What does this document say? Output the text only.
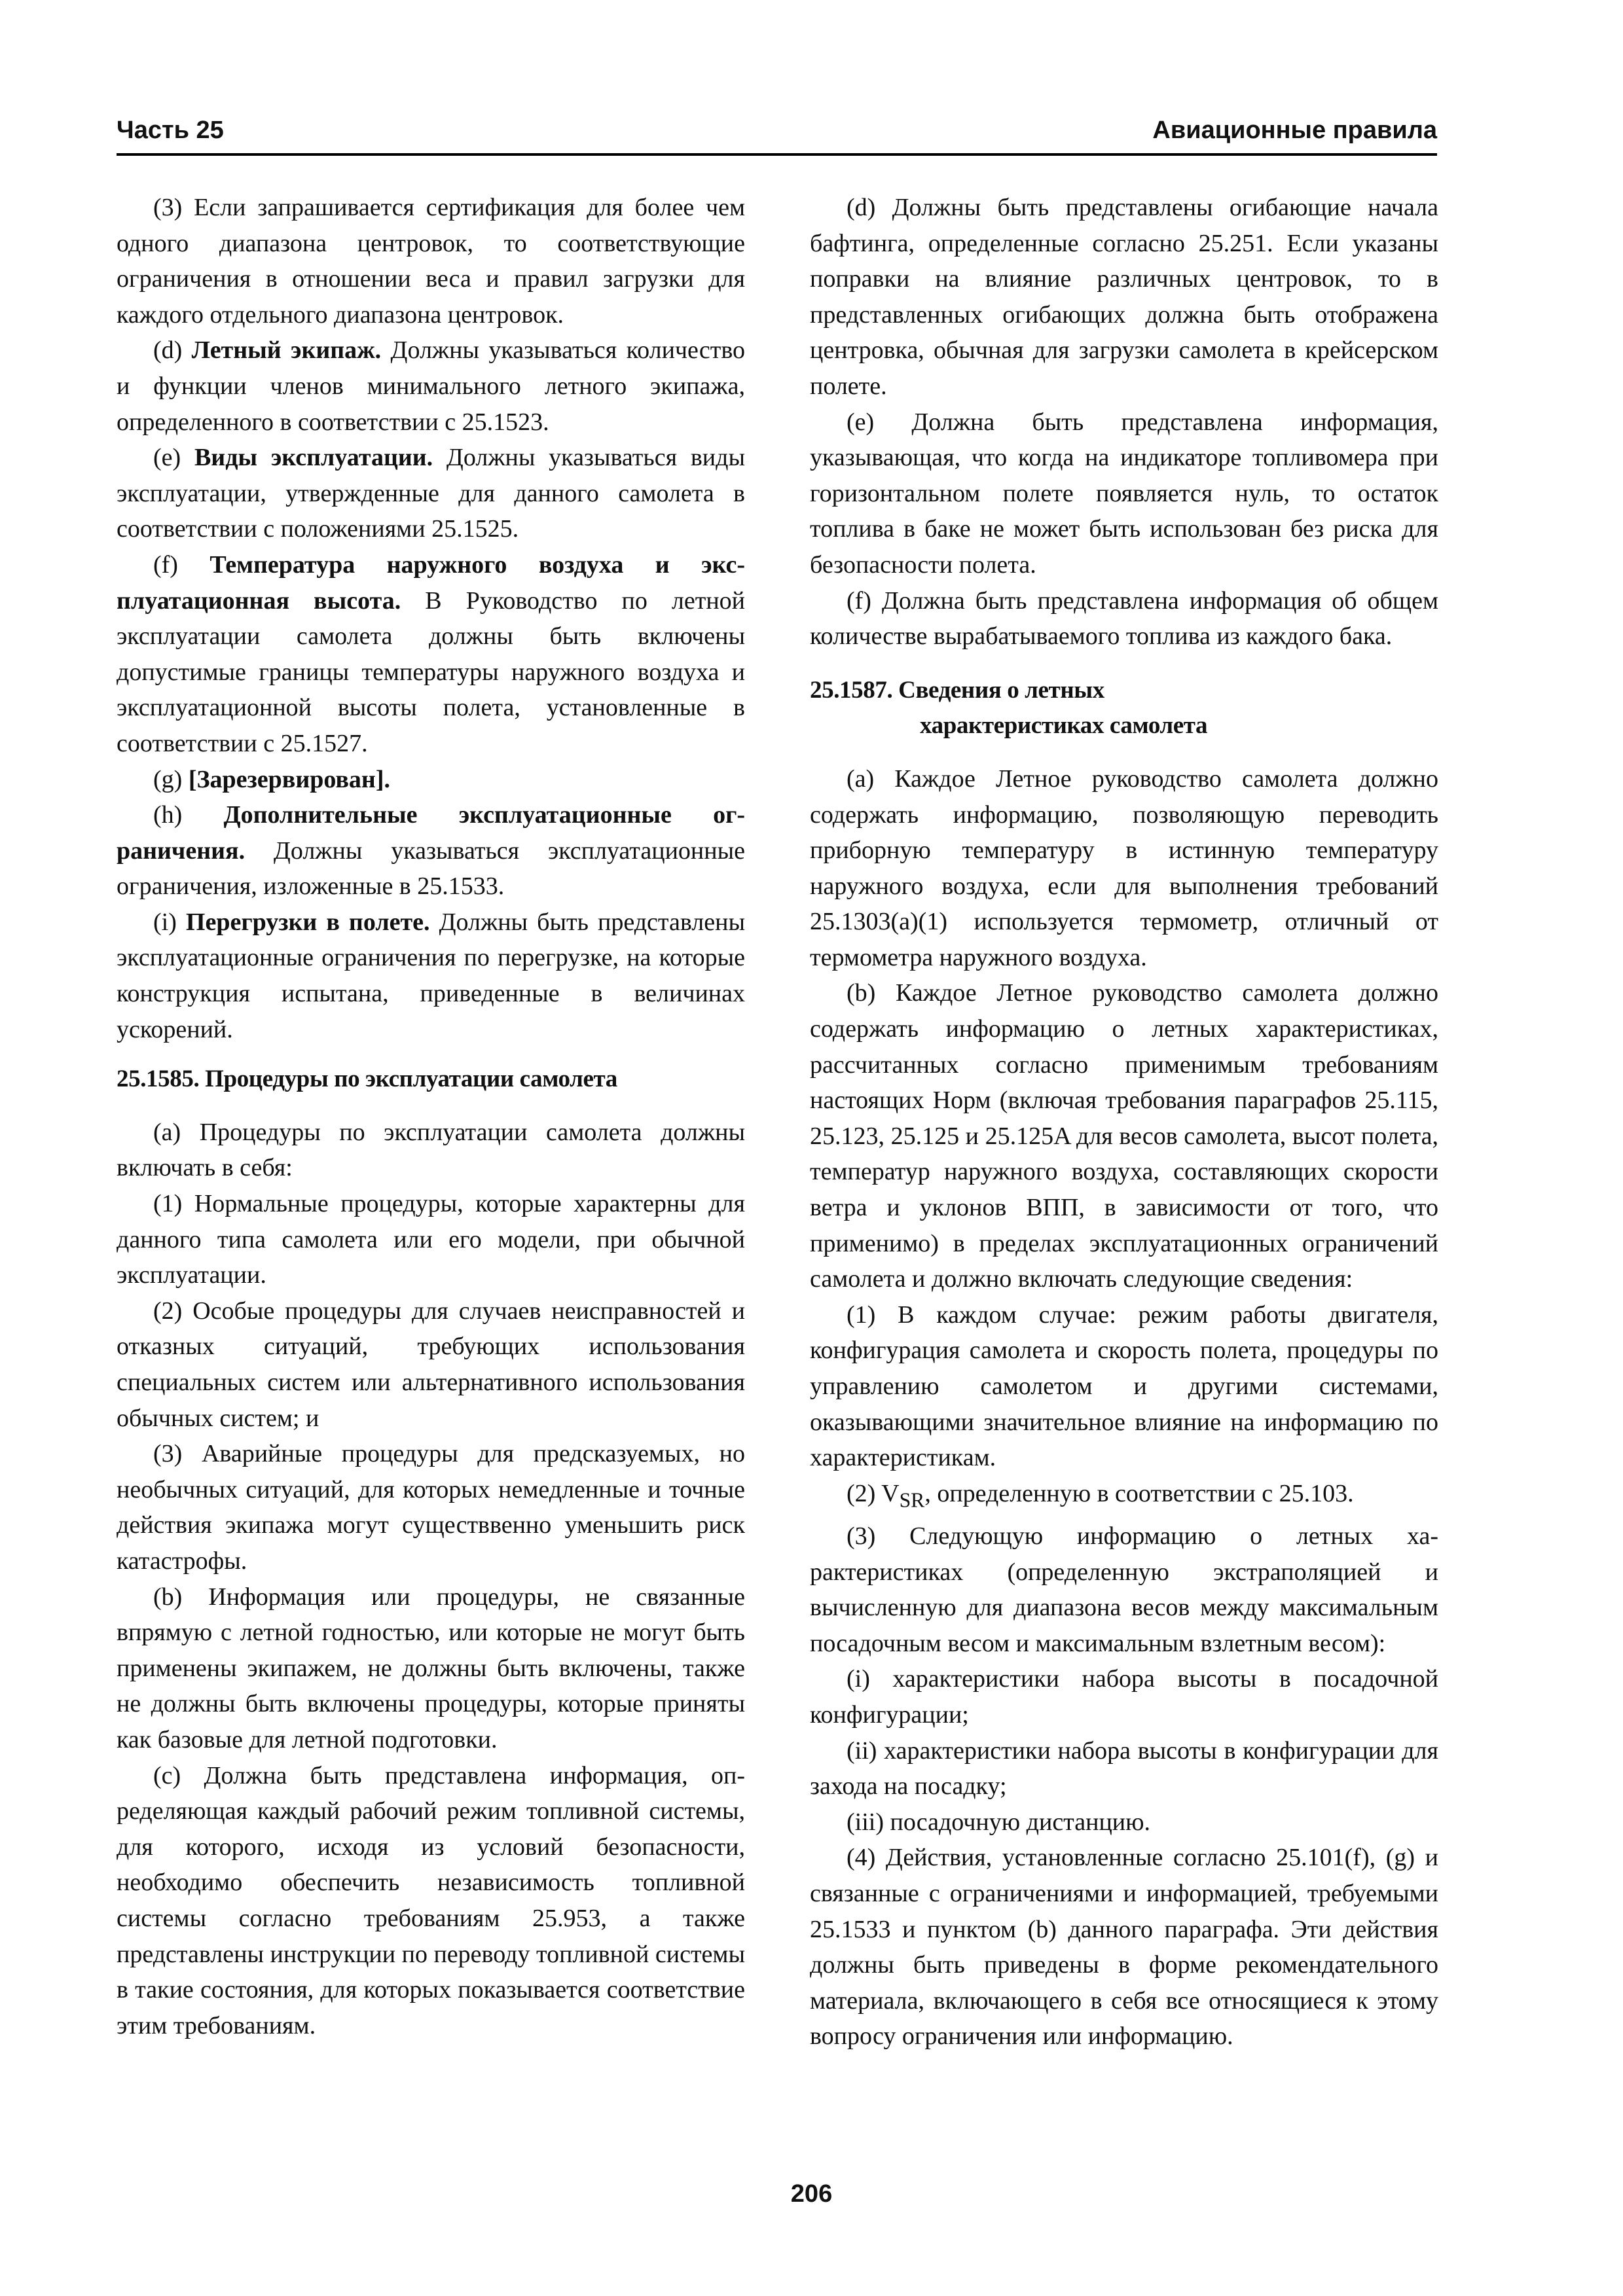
Часть 25	Авиационные правила

(3) Если запрашивается сертификация для более чем одного диапазона центровок, то соответствующие ограничения в отношении веса и правил загрузки для каждого отдельного диапазона центровок.

(d) Летный экипаж. Должны указываться количество и функции членов минимального летного экипажа, определенного в соответствии с 25.1523.

(e) Виды эксплуатации. Должны указываться виды эксплуатации, утвержденные для данного самолета в соответствии с положениями 25.1525.

(f) Температура наружного воздуха и эксплуатационная высота. В Руководство по летной эксплуатации самолета должны быть включены допустимые границы температуры наружного воздуха и эксплуатационной высоты полета, установленные в соответствии с 25.1527.

(g) [Зарезервирован].

(h) Дополнительные эксплуатационные ограничения. Должны указываться эксплуатационные ограничения, изложенные в 25.1533.

(i) Перегрузки в полете. Должны быть представлены эксплуатационные ограничения по перегрузке, на которые конструкция испытана, приведенные в величинах ускорений.

25.1585. Процедуры по эксплуатации самолета

(a) Процедуры по эксплуатации самолета должны включать в себя:

(1) Нормальные процедуры, которые характерны для данного типа самолета или его модели, при обычной эксплуатации.

(2) Особые процедуры для случаев неисправностей и отказных ситуаций, требующих использования специальных систем или альтернативного использования обычных систем; и

(3) Аварийные процедуры для предсказуемых, но необычных ситуаций, для которых немедленные и точные действия экипажа могут существвенно уменьшить риск катастрофы.

(b) Информация или процедуры, не связанные впрямую с летной годностью, или которые не могут быть применены экипажем, не должны быть включены, также не должны быть включены процедуры, которые приняты как базовые для летной подготовки.

(c) Должна быть представлена информация, определяющая каждый рабочий режим топливной системы, для которого, исходя из условий безопасности, необходимо обеспечить независимость топливной системы согласно требованиям 25.953, а также представлены инструкции по переводу топливной системы в такие состояния, для которых показывается соответствие этим требованиям.

(d) Должны быть представлены огибающие начала бафтинга, определенные согласно 25.251. Если указаны поправки на влияние различных центровок, то в представленных огибающих должна быть отображена центровка, обычная для загрузки самолета в крейсерском полете.

(e) Должна быть представлена информация, указывающая, что когда на индикаторе топливомера при горизонтальном полете появляется нуль, то остаток топлива в баке не может быть использован без риска для безопасности полета.

(f) Должна быть представлена информация об общем количестве вырабатываемого топлива из каждого бака.

25.1587. Сведения о летных
характеристиках самолета

(a) Каждое Летное руководство самолета должно содержать информацию, позволяющую переводить приборную температуру в истинную температуру наружного воздуха, если для выполнения требований 25.1303(a)(1) используется термометр, отличный от термометра наружного воздуха.

(b) Каждое Летное руководство самолета должно содержать информацию о летных характеристиках, рассчитанных согласно применимым требованиям настоящих Норм (включая требования параграфов 25.115, 25.123, 25.125 и 25.125A для весов самолета, высот полета, температур наружного воздуха, составляющих скорости ветра и уклонов ВПП, в зависимости от того, что применимо) в пределах эксплуатационных ограничений самолета и должно включать следующие сведения:

(1) В каждом случае: режим работы двигателя, конфигурация самолета и скорость полета, процедуры по управлению самолетом и другими системами, оказывающими значительное влияние на информацию по характеристикам.

(2) $V_{SR}$, определенную в соответствии с 25.103.

(3) Следующую информацию о летных характеристиках (определенную экстраполяцией и вычисленную для диапазона весов между максимальным посадочным весом и максимальным взлетным весом):

(i) характеристики набора высоты в посадочной конфигурации;

(ii) характеристики набора высоты в конфигурации для захода на посадку;

(iii) посадочную дистанцию.

(4) Действия, установленные согласно 25.101(f), (g) и связанные с ограничениями и информацией, требуемыми 25.1533 и пунктом (b) данного параграфа. Эти действия должны быть приведены в форме рекомендательного материала, включающего в себя все относящиеся к этому вопросу ограничения или информацию.

206
